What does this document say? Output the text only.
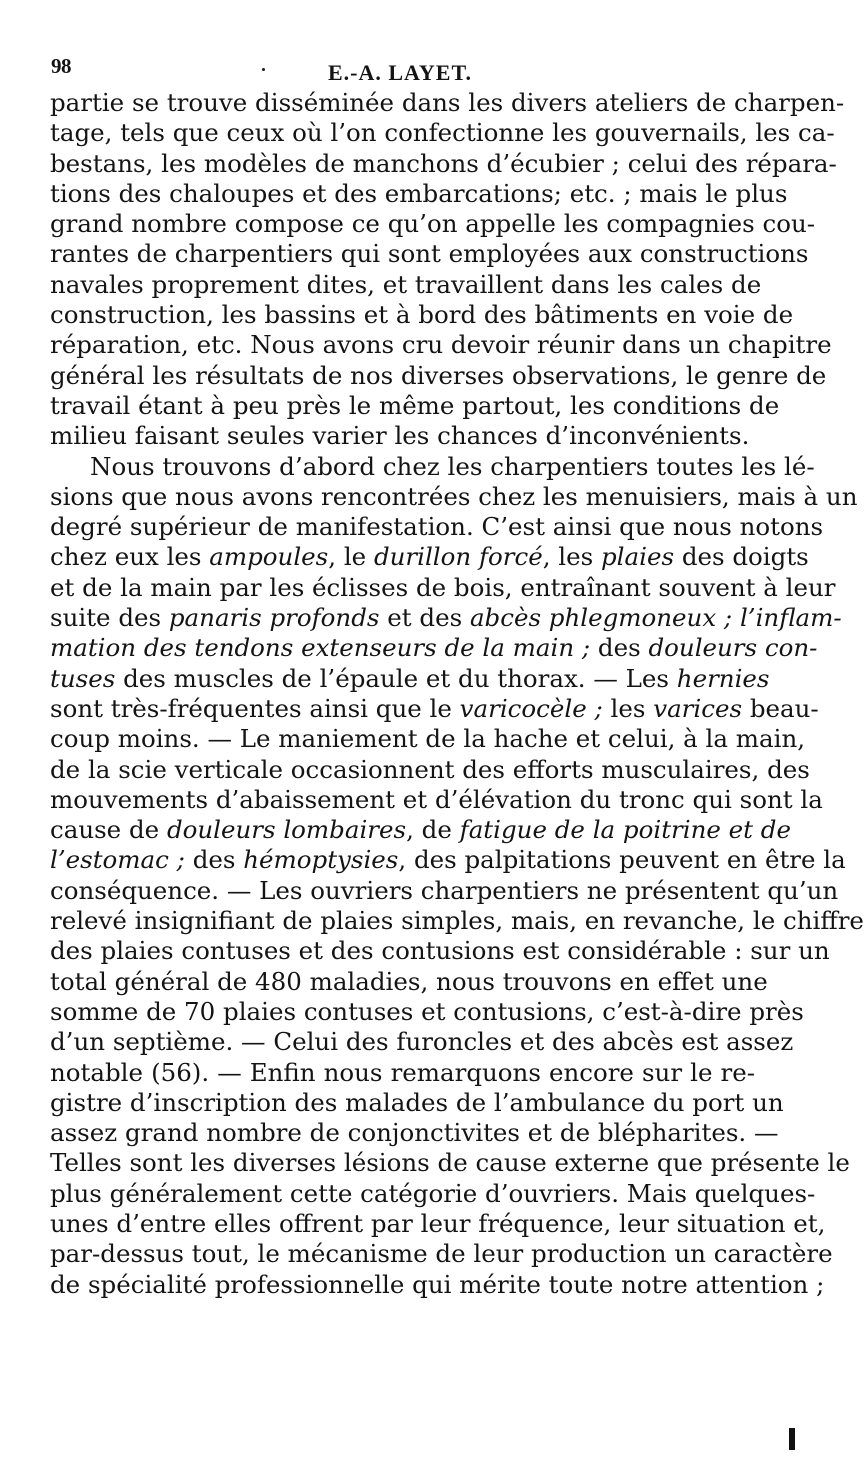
98	E.-A. LAYET.
partie se trouve disséminée dans les divers ateliers de charpen-
tage, tels que ceux où l’on confectionne les gouvernails, les ca-
bestans, les modèles de manchons d’écubier ; celui des répara-
tions des chaloupes et des embarcations; etc. ; mais le plus
grand nombre compose ce qu’on appelle les compagnies cou-
rantes de charpentiers qui sont employées aux constructions
navales proprement dites, et travaillent dans les cales de
construction, les bassins et à bord des bâtiments en voie de
réparation, etc. Nous avons cru devoir réunir dans un chapitre
général les résultats de nos diverses observations, le genre de
travail étant à peu près le même partout, les conditions de
milieu faisant seules varier les chances d’inconvénients.
Nous trouvons d’abord chez les charpentiers toutes les lé-
sions que nous avons rencontrées chez les menuisiers, mais à un
degré supérieur de manifestation. C’est ainsi que nous notons
chez eux les ampoules, le durillon forcé, les plaies des doigts
et de la main par les éclisses de bois, entraînant souvent à leur
suite des panaris profonds et des abcès phlegmoneux ; l’inflam-
mation des tendons extenseurs de la main ; des douleurs con-
tuses des muscles de l’épaule et du thorax. — Les hernies
sont très-fréquentes ainsi que le varicocèle ; les varices beau-
coup moins. — Le maniement de la hache et celui, à la main,
de la scie verticale occasionnent des efforts musculaires, des
mouvements d’abaissement et d’élévation du tronc qui sont la
cause de douleurs lombaires, de fatigue de la poitrine et de
l’estomac ; des hémoptysies, des palpitations peuvent en être la
conséquence. — Les ouvriers charpentiers ne présentent qu’un
relevé insignifiant de plaies simples, mais, en revanche, le chiffre
des plaies contuses et des contusions est considérable : sur un
total général de 480 maladies, nous trouvons en effet une
somme de 70 plaies contuses et contusions, c’est-à-dire près
d’un septième. — Celui des furoncles et des abcès est assez
notable (56). — Enfin nous remarquons encore sur le re-
gistre d’inscription des malades de l’ambulance du port un
assez grand nombre de conjonctivites et de blépharites. —
Telles sont les diverses lésions de cause externe que présente le
plus généralement cette catégorie d’ouvriers. Mais quelques-
unes d’entre elles offrent par leur fréquence, leur situation et,
par-dessus tout, le mécanisme de leur production un caractère
de spécialité professionnelle qui mérite toute notre attention ;
